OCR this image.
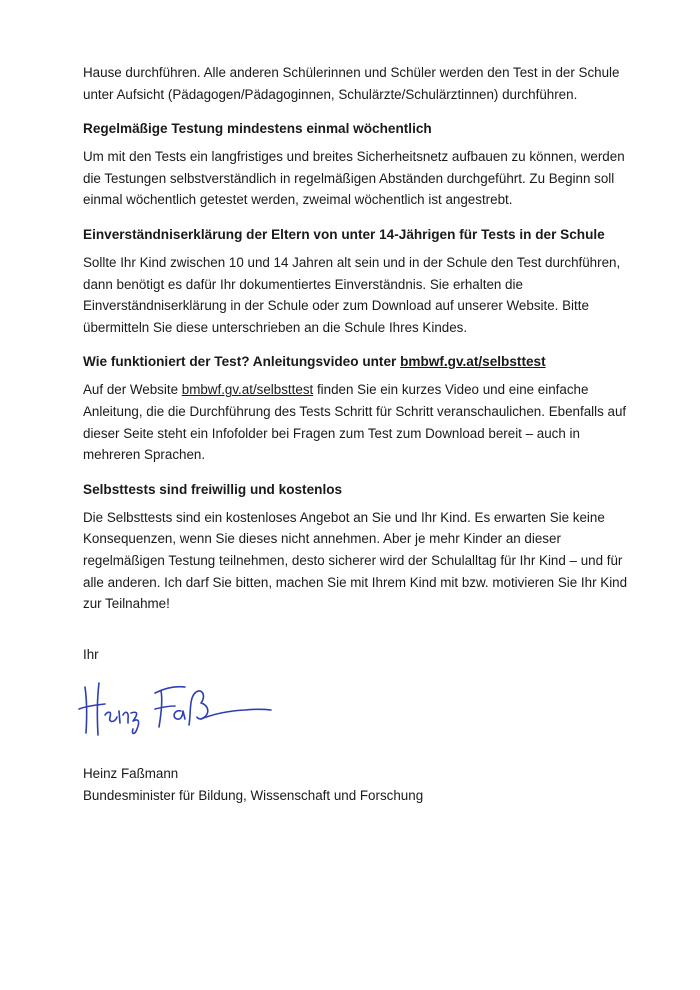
Hause durchführen. Alle anderen Schülerinnen und Schüler werden den Test in der Schule
unter Aufsicht (Pädagogen/Pädagoginnen, Schulärzte/Schulärztinnen) durchführen.

Regelmäßige Testung mindestens einmal wöchentlich

Um mit den Tests ein langfristiges und breites Sicherheitsnetz aufbauen zu können, werden
die Testungen selbstverständlich in regelmäßigen Abständen durchgeführt. Zu Beginn soll
einmal wöchentlich getestet werden, zweimal wöchentlich ist angestrebt.

Einverständniserklärung der Eltern von unter 14-Jährigen für Tests in der Schule

Sollte Ihr Kind zwischen 10 und 14 Jahren alt sein und in der Schule den Test durchführen,
dann benötigt es dafür Ihr dokumentiertes Einverständnis. Sie erhalten die
Einverständniserklärung in der Schule oder zum Download auf unserer Website. Bitte
übermitteln Sie diese unterschrieben an die Schule Ihres Kindes.

Wie funktioniert der Test? Anleitungsvideo unter bmbwf.gv.at/selbsttest

Auf der Website bmbwf.gv.at/selbsttest finden Sie ein kurzes Video und eine einfache
Anleitung, die die Durchführung des Tests Schritt für Schritt veranschaulichen. Ebenfalls auf
dieser Seite steht ein Infofolder bei Fragen zum Test zum Download bereit – auch in
mehreren Sprachen.

Selbsttests sind freiwillig und kostenlos

Die Selbsttests sind ein kostenloses Angebot an Sie und Ihr Kind. Es erwarten Sie keine
Konsequenzen, wenn Sie dieses nicht annehmen. Aber je mehr Kinder an dieser
regelmäßigen Testung teilnehmen, desto sicherer wird der Schulalltag für Ihr Kind – und für
alle anderen. Ich darf Sie bitten, machen Sie mit Ihrem Kind mit bzw. motivieren Sie Ihr Kind
zur Teilnahme!

Ihr

Heinz Faßmann

Bundesminister für Bildung, Wissenschaft und Forschung
